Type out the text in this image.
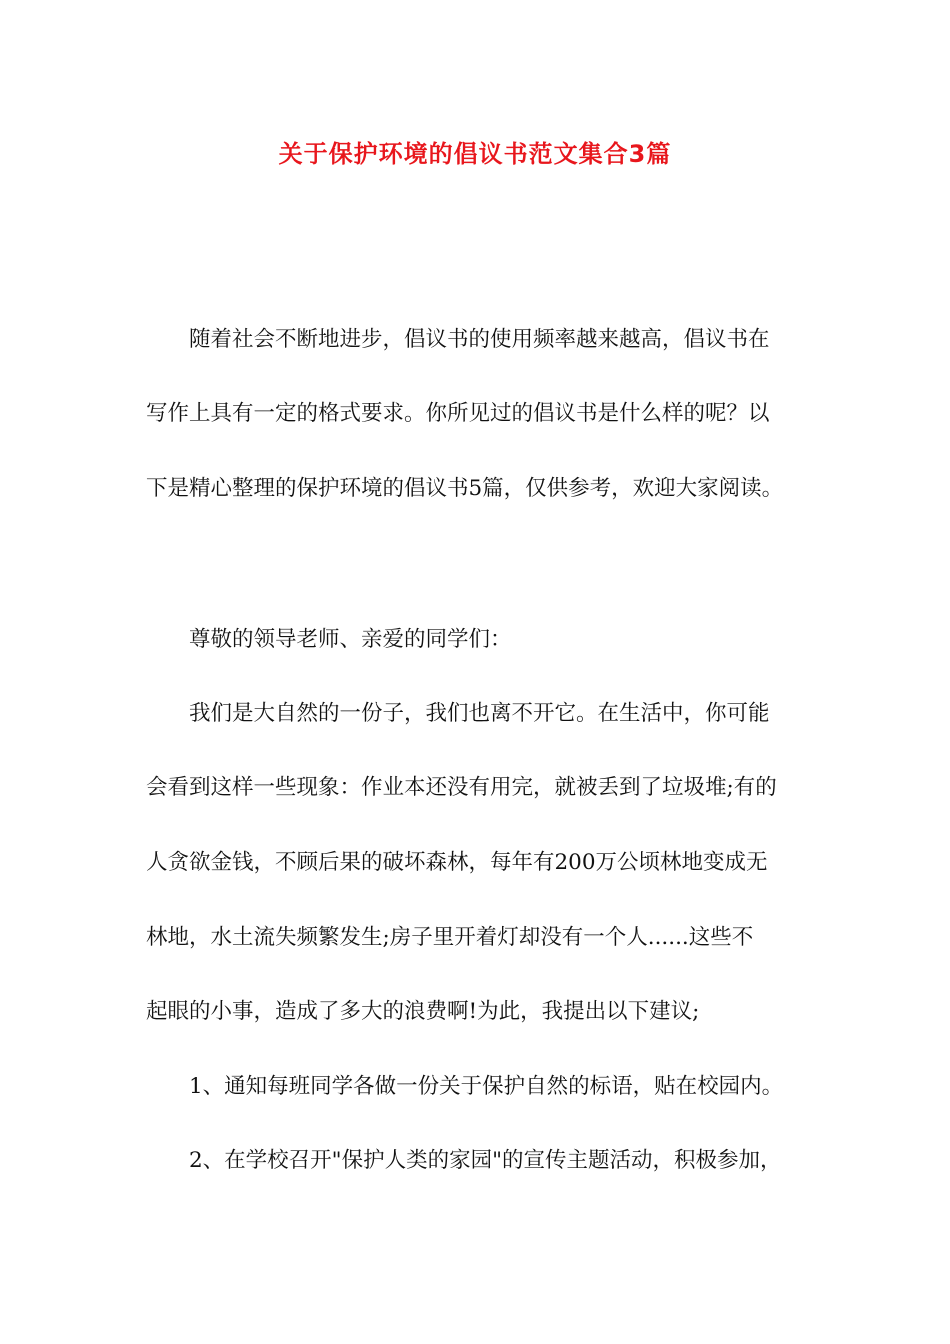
关于保护环境的倡议书范文集合3篇

随着社会不断地进步，倡议书的使用频率越来越高，倡议书在

写作上具有一定的格式要求。你所见过的倡议书是什么样的呢？以

下是精心整理的保护环境的倡议书5篇，仅供参考，欢迎大家阅读。

尊敬的领导老师、亲爱的同学们：

我们是大自然的一份子，我们也离不开它。在生活中，你可能

会看到这样一些现象：作业本还没有用完，就被丢到了垃圾堆;有的

人贪欲金钱，不顾后果的破坏森林，每年有200万公顷林地变成无

林地，水土流失频繁发生;房子里开着灯却没有一个人......这些不

起眼的小事，造成了多大的浪费啊!为此，我提出以下建议;

1、通知每班同学各做一份关于保护自然的标语，贴在校园内。

2、在学校召开"保护人类的家园"的宣传主题活动，积极参加，
